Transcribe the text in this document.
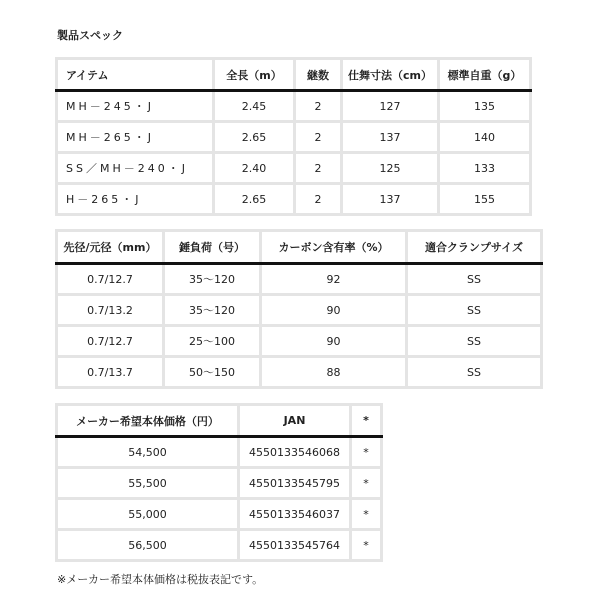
製品スペック
アイテム	全長（m）	継数	仕舞寸法（cm）	標準自重（g）
MH－245・J	2.45	2	127	135
MH－265・J	2.65	2	137	140
SS／MH－240・J	2.40	2	125	133
H－265・J	2.65	2	137	155
先径/元径（mm）	錘負荷（号）	カーボン含有率（%）	適合クランプサイズ
0.7/12.7	35～120	92	SS
0.7/13.2	35～120	90	SS
0.7/12.7	25～100	90	SS
0.7/13.7	50～150	88	SS
メーカー希望本体価格（円）	JAN	*
54,500	4550133546068	*
55,500	4550133545795	*
55,000	4550133546037	*
56,500	4550133545764	*
※メーカー希望本体価格は税抜表記です。
